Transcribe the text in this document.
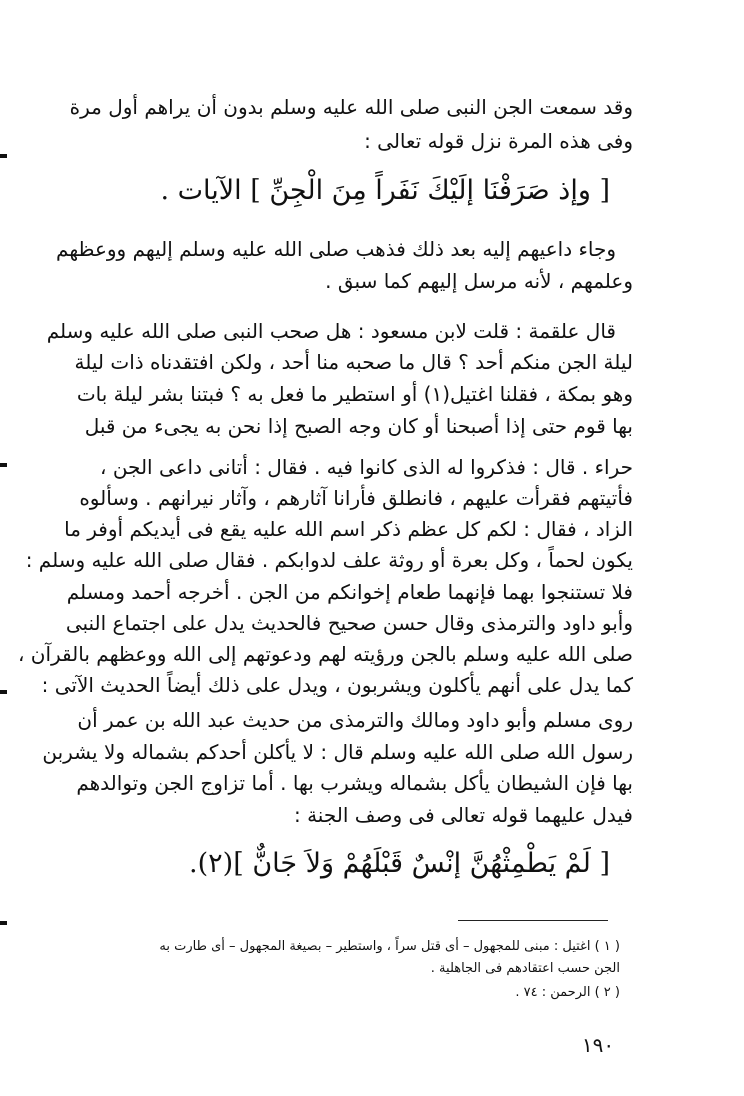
وقد سمعت الجن النبى صلى الله عليه وسلم بدون أن يراهم أول مرة
وفى هذه المرة نزل قوله تعالى :
[ وإذ صَرَفْنَا إلَيْكَ نَفَراً مِنَ الْجِنِّ ] الآيات .
وجاء داعيهم إليه بعد ذلك فذهب صلى الله عليه وسلم إليهم ووعظهم
وعلمهم ، لأنه مرسل إليهم كما سبق .
قال علقمة : قلت لابن مسعود : هل صحب النبى صلى الله عليه وسلم
ليلة الجن منكم أحد ؟ قال ما صحبه منا أحد ، ولكن افتقدناه ذات ليلة
وهو بمكة ، فقلنا اغتيل(١) أو استطير ما فعل به ؟ فبتنا بشر ليلة بات
بها قوم حتى إذا أصبحنا أو كان وجه الصبح إذا نحن به يجىء من قبل
حراء . قال : فذكروا له الذى كانوا فيه . فقال : أتانى داعى الجن ،
فأتيتهم فقرأت عليهم ، فانطلق فأرانا آثارهم ، وآثار نيرانهم . وسألوه
الزاد ، فقال : لكم كل عظم ذكر اسم الله عليه يقع فى أيديكم أوفر ما
يكون لحماً ، وكل بعرة أو روثة علف لدوابكم . فقال صلى الله عليه وسلم :
فلا تستنجوا بهما فإنهما طعام إخوانكم من الجن . أخرجه أحمد ومسلم
وأبو داود والترمذى وقال حسن صحيح فالحديث يدل على اجتماع النبى
صلى الله عليه وسلم بالجن ورؤيته لهم ودعوتهم إلى الله ووعظهم بالقرآن ،
كما يدل على أنهم يأكلون ويشربون ، ويدل على ذلك أيضاً الحديث الآتى :
روى مسلم وأبو داود ومالك والترمذى من حديث عبد الله بن عمر أن
رسول الله صلى الله عليه وسلم قال : لا يأكلن أحدكم بشماله ولا يشربن
بها فإن الشيطان يأكل بشماله ويشرب بها . أما تزاوج الجن وتوالدهم
فيدل عليهما قوله تعالى فى وصف الجنة :
[ لَمْ يَطْمِثْهُنَّ إنْسٌ قَبْلَهُمْ وَلاَ جَانٌّ ](٢).
( ١ ) اغتيل : مبنى للمجهول – أى قتل سراً ، واستطير – بصيغة المجهول – أى طارت به
الجن حسب اعتقادهم فى الجاهلية .
( ٢ ) الرحمن : ٧٤ .
١٩٠
